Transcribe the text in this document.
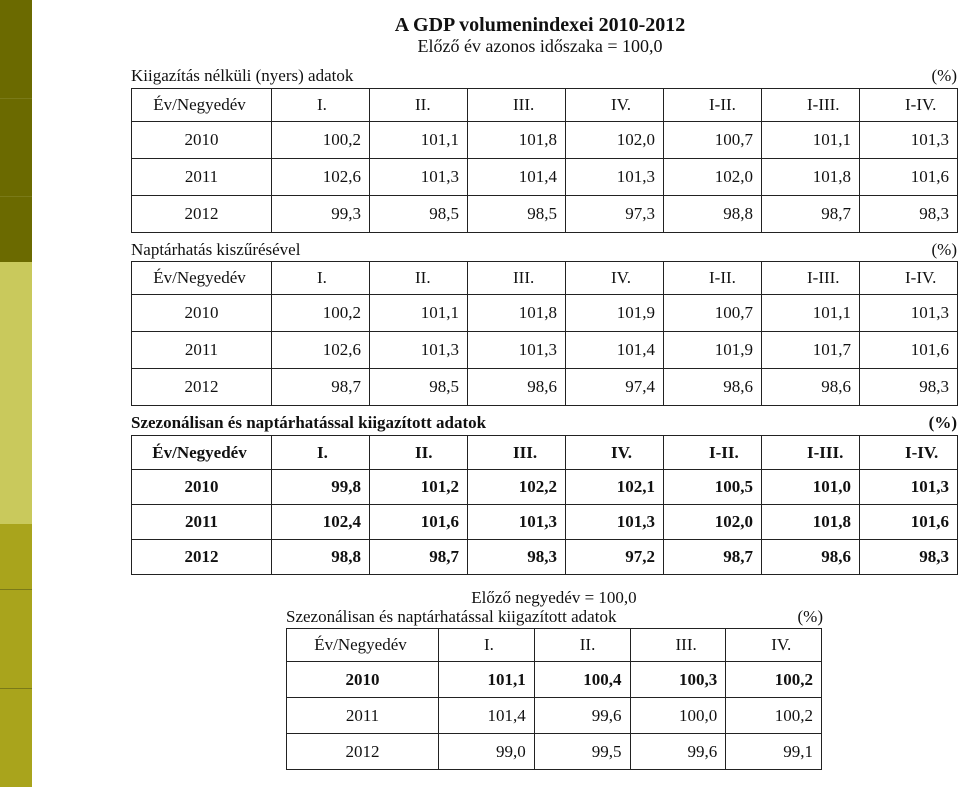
A GDP volumenindexei 2010-2012
Előző év azonos időszaka = 100,0
Kiigazítás nélküli (nyers) adatok	(%)
Év/Negyedév	I.	II.	III.	IV.	I-II.	I-III.	I-IV.
2010	100,2	101,1	101,8	102,0	100,7	101,1	101,3
2011	102,6	101,3	101,4	101,3	102,0	101,8	101,6
2012	99,3	98,5	98,5	97,3	98,8	98,7	98,3
Naptárhatás kiszűrésével	(%)
Év/Negyedév	I.	II.	III.	IV.	I-II.	I-III.	I-IV.
2010	100,2	101,1	101,8	101,9	100,7	101,1	101,3
2011	102,6	101,3	101,3	101,4	101,9	101,7	101,6
2012	98,7	98,5	98,6	97,4	98,6	98,6	98,3
Szezonálisan és naptárhatással kiigazított adatok	(%)
Év/Negyedév	I.	II.	III.	IV.	I-II.	I-III.	I-IV.
2010	99,8	101,2	102,2	102,1	100,5	101,0	101,3
2011	102,4	101,6	101,3	101,3	102,0	101,8	101,6
2012	98,8	98,7	98,3	97,2	98,7	98,6	98,3
Előző negyedév = 100,0
Szezonálisan és naptárhatással kiigazított adatok	(%)
Év/Negyedév	I.	II.	III.	IV.
2010	101,1	100,4	100,3	100,2
2011	101,4	99,6	100,0	100,2
2012	99,0	99,5	99,6	99,1
